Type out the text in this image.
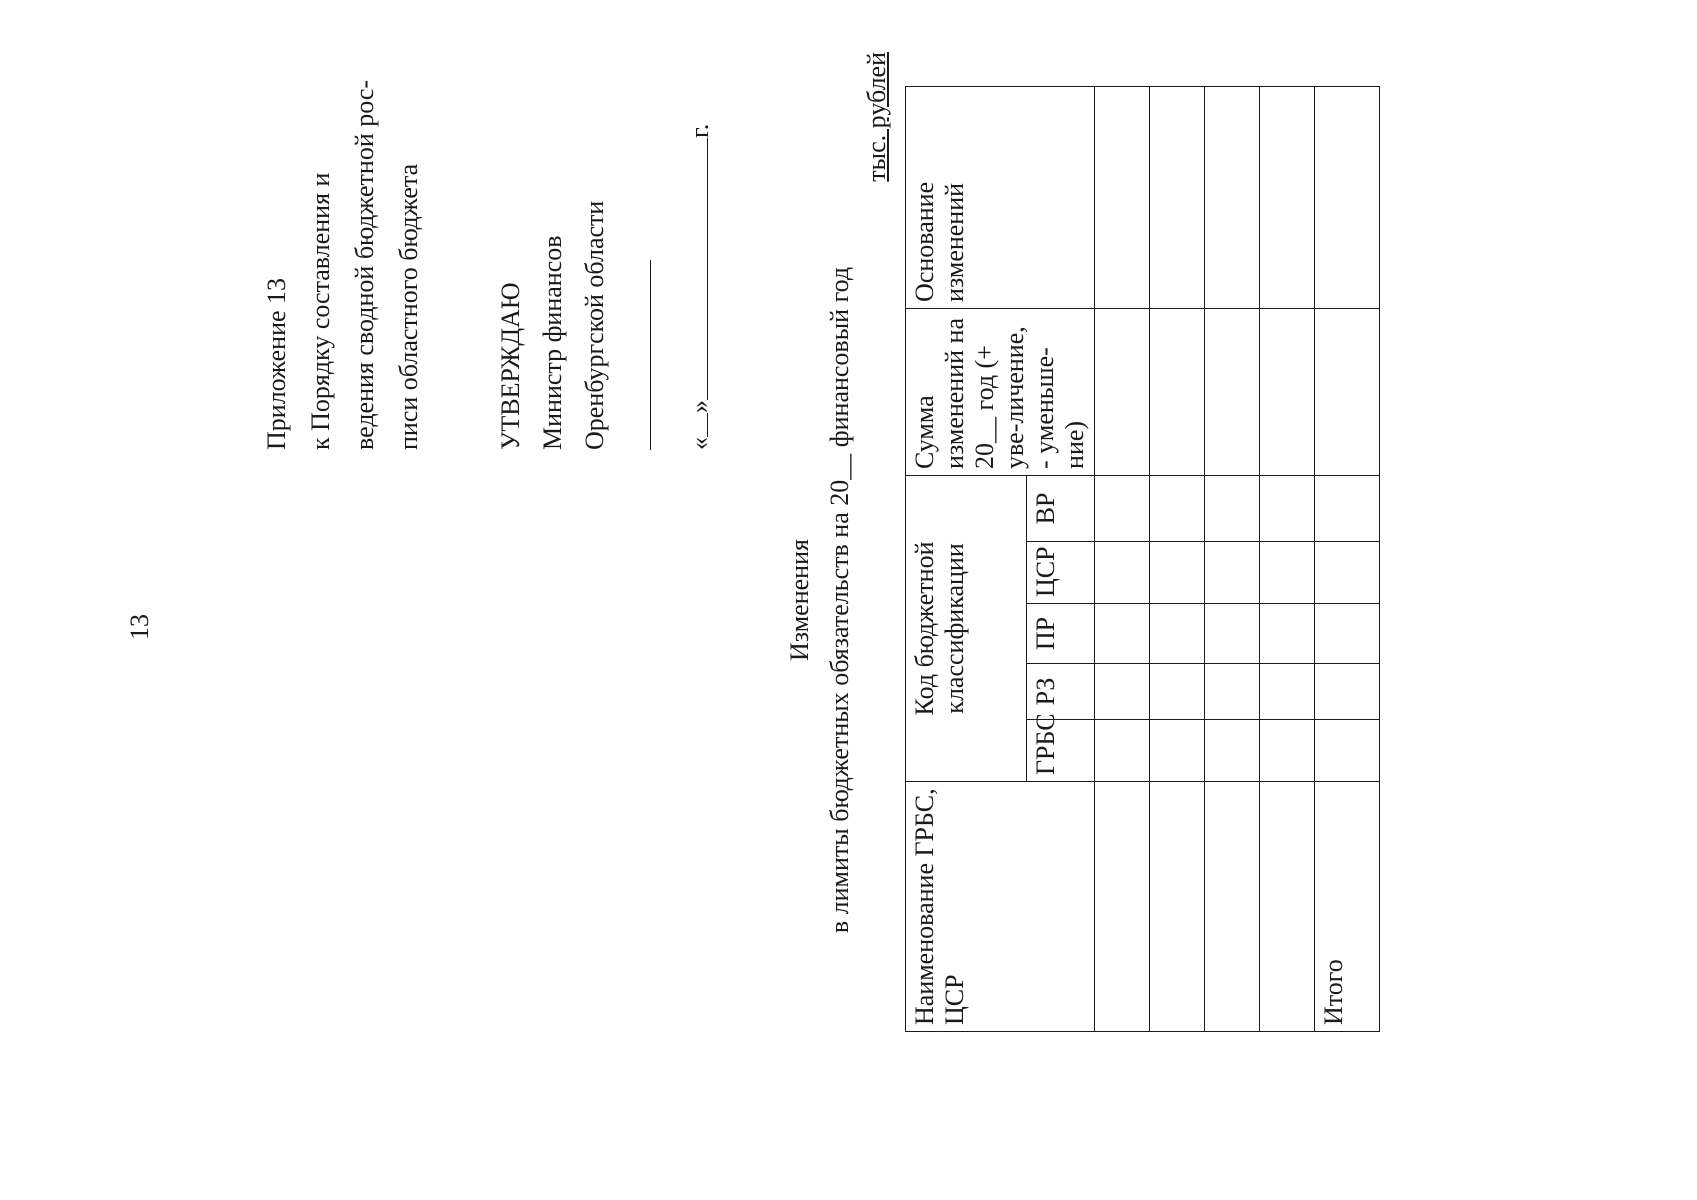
13
Приложение 13 к Порядку составления и ведения сводной бюджетной рос- писи областного бюджета	УТВЕРЖДАЮ Министр финансов Оренбургской области	«»г.
Изменения в лимиты бюджетных обязательств на 20__ финансовый год
тыс. рублей
Наименование ГРБС, ЦСР	Код бюджетной классификации					Сумма изменений на 20__ год (+ уве-личение, - уменьше-ние)	Основание изменений
	ГРБС	РЗ	ПР	ЦСР	ВР		

Итого							
